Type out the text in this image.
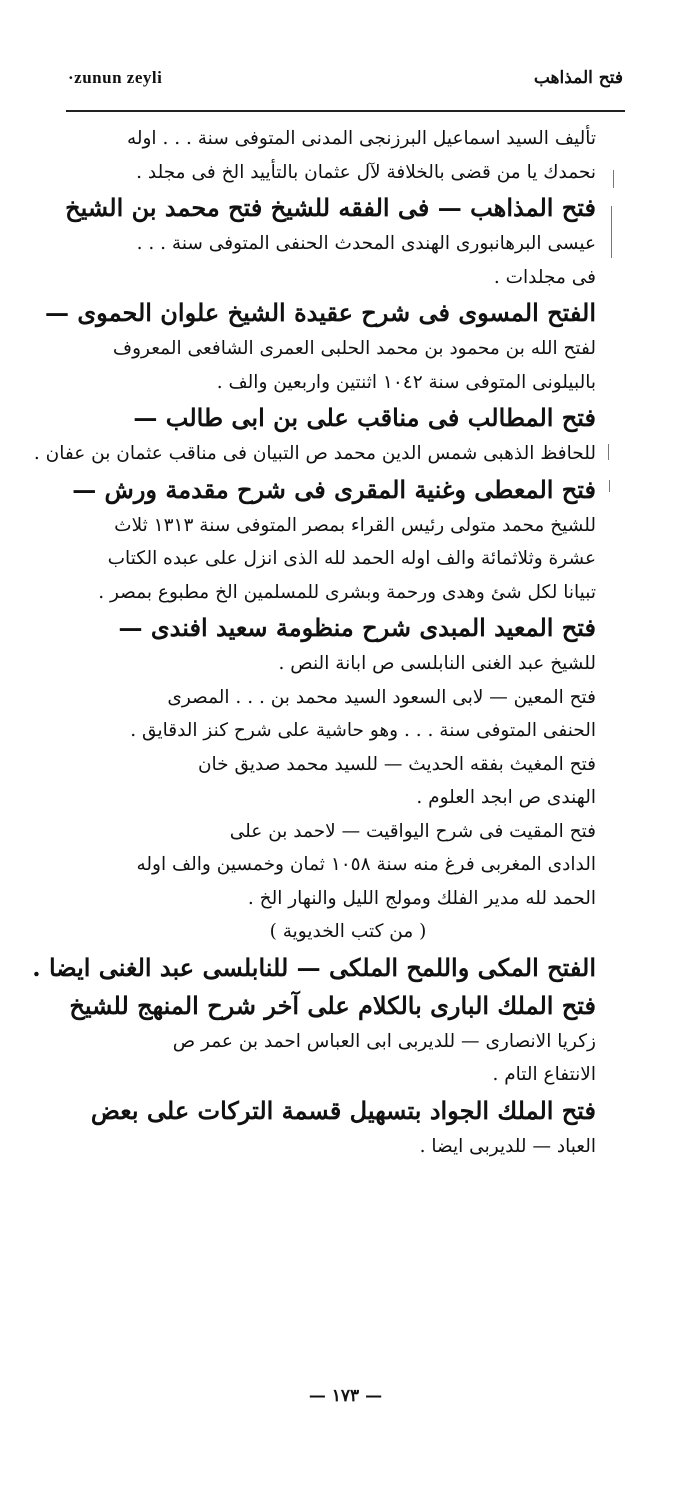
·zunun zeyli	فتح المذاهب
تأليف السيد اسماعيل البرزنجى المدنى المتوفى سنة . . . اوله
نحمدك يا من قضى بالخلافة لآل عثمان بالتأييد الخ فى مجلد .
فتح المذاهب — فى الفقه للشيخ فتح محمد بن الشيخ
عيسى البرهانبورى الهندى المحدث الحنفى المتوفى سنة . . .
فى مجلدات .
الفتح المسوى فى شرح عقيدة الشيخ علوان الحموى —
لفتح الله بن محمود بن محمد الحلبى العمرى الشافعى المعروف
بالبيلونى المتوفى سنة ١٠٤٢ اثنتين واربعين والف .
فتح المطالب فى مناقب على بن ابى طالب —
للحافظ الذهبى شمس الدين محمد ص التبيان فى مناقب عثمان بن عفان .
فتح المعطى وغنية المقرى فى شرح مقدمة ورش —
للشيخ محمد متولى رئيس القراء بمصر المتوفى سنة ١٣١٣ ثلاث
عشرة وثلاثمائة والف اوله الحمد لله الذى انزل على عبده الكتاب
تبيانا لكل شئ وهدى ورحمة وبشرى للمسلمين الخ مطبوع بمصر .
فتح المعيد المبدى شرح منظومة سعيد افندى —
للشيخ عبد الغنى النابلسى ص ابانة النص .
فتح المعين — لابى السعود السيد محمد بن . . . المصرى
الحنفى المتوفى سنة . . . وهو حاشية على شرح كنز الدقايق .
فتح المغيث بفقه الحديث — للسيد محمد صديق خان
الهندى ص ابجد العلوم .
فتح المقيت فى شرح اليواقيت — لاحمد بن على
الدادى المغربى فرغ منه سنة ١٠٥٨ ثمان وخمسين والف اوله
الحمد لله مدير الفلك ومولج الليل والنهار الخ .
( من كتب الخديوية )
الفتح المكى واللمح الملكى — للنابلسى عبد الغنى ايضا .
فتح الملك البارى بالكلام على آخر شرح المنهج للشيخ
زكريا الانصارى — للديربى ابى العباس احمد بن عمر ص
الانتفاع التام .
فتح الملك الجواد بتسهيل قسمة التركات على بعض
العباد — للديربى ايضا .
— ١٧٣ —
